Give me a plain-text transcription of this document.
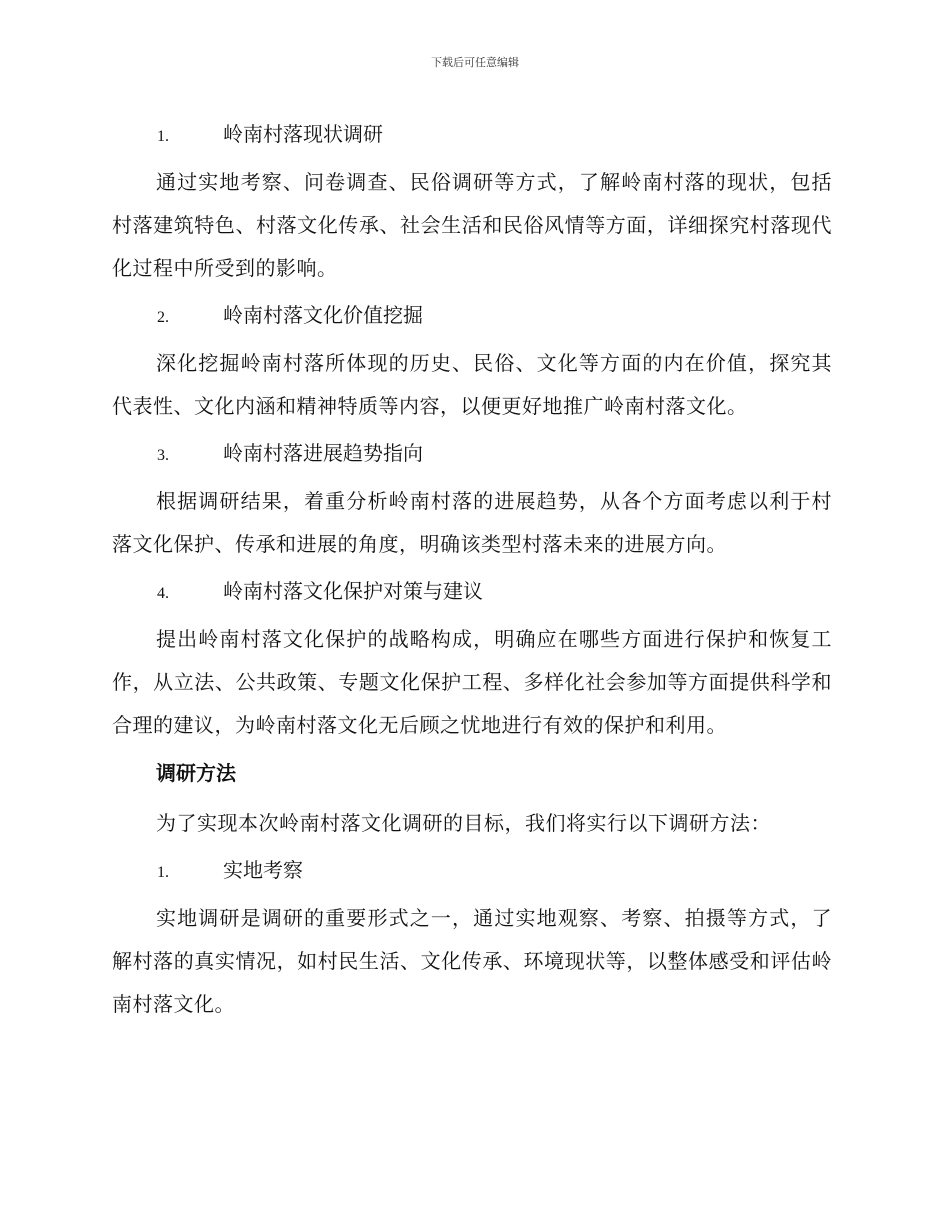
下载后可任意编辑
1.	岭南村落现状调研

通过实地考察、问卷调查、民俗调研等方式，了解岭南村落的现状，包括村落建筑特色、村落文化传承、社会生活和民俗风情等方面，详细探究村落现代化过程中所受到的影响。

2.	岭南村落文化价值挖掘

深化挖掘岭南村落所体现的历史、民俗、文化等方面的内在价值，探究其代表性、文化内涵和精神特质等内容，以便更好地推广岭南村落文化。

3.	岭南村落进展趋势指向

根据调研结果，着重分析岭南村落的进展趋势，从各个方面考虑以利于村落文化保护、传承和进展的角度，明确该类型村落未来的进展方向。

4.	岭南村落文化保护对策与建议

提出岭南村落文化保护的战略构成，明确应在哪些方面进行保护和恢复工作，从立法、公共政策、专题文化保护工程、多样化社会参加等方面提供科学和合理的建议，为岭南村落文化无后顾之忧地进行有效的保护和利用。

调研方法

为了实现本次岭南村落文化调研的目标，我们将实行以下调研方法：

1.	实地考察

实地调研是调研的重要形式之一，通过实地观察、考察、拍摄等方式，了解村落的真实情况，如村民生活、文化传承、环境现状等，以整体感受和评估岭南村落文化。
